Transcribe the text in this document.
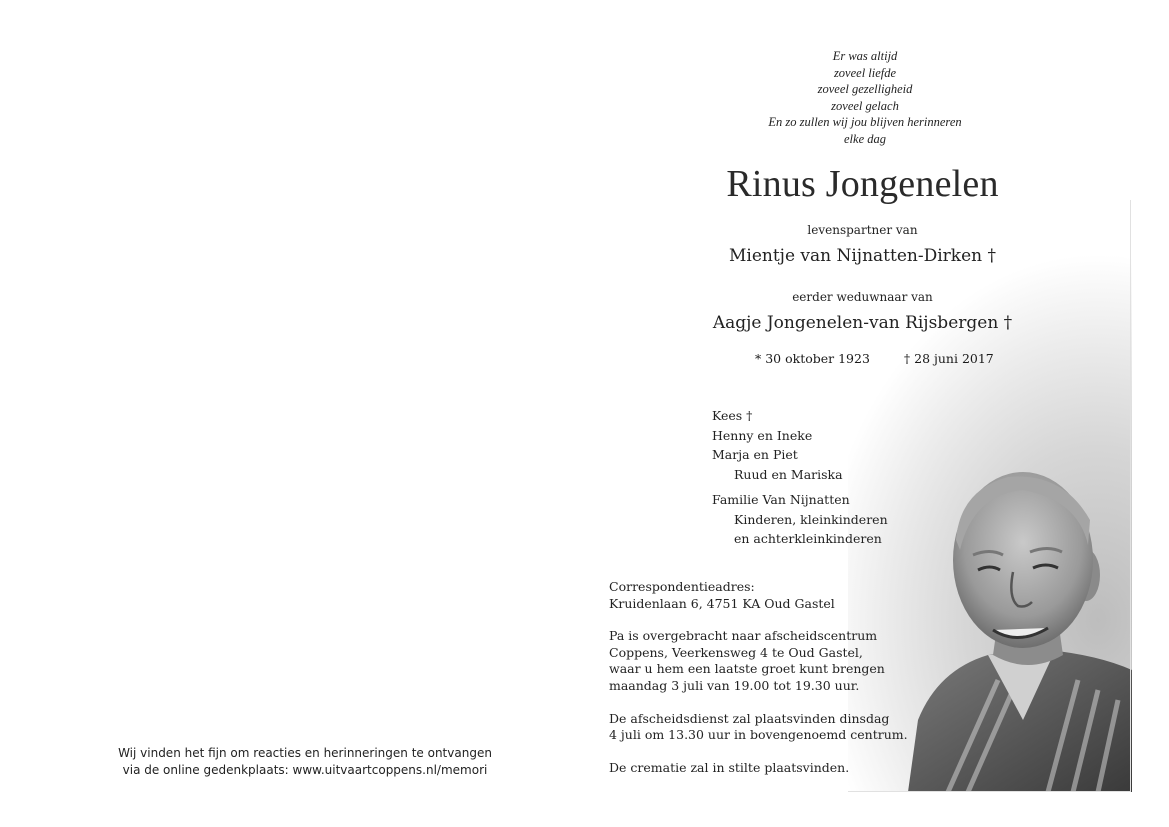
Er was altijd
zoveel liefde
zoveel gezelligheid
zoveel gelach
En zo zullen wij jou blijven herinneren
elke dag
Rinus Jongenelen
levenspartner van
Mientje van Nijnatten-Dirken †
eerder weduwnaar van
Aagje Jongenelen-van Rijsbergen †
* 30 oktober 1923	† 28 juni 2017
Kees †
Henny en Ineke
Marja en Piet
Ruud en Mariska
Familie Van Nijnatten
Kinderen, kleinkinderen
en achterkleinkinderen
Correspondentieadres:
Kruidenlaan 6, 4751 KA Oud Gastel
Pa is overgebracht naar afscheidscentrum
Coppens, Veerkensweg 4 te Oud Gastel,
waar u hem een laatste groet kunt brengen
maandag 3 juli van 19.00 tot 19.30 uur.
De afscheidsdienst zal plaatsvinden dinsdag
4 juli om 13.30 uur in bovengenoemd centrum.
De crematie zal in stilte plaatsvinden.
Wij vinden het fijn om reacties en herinneringen te ontvangen
via de online gedenkplaats: www.uitvaartcoppens.nl/memori
